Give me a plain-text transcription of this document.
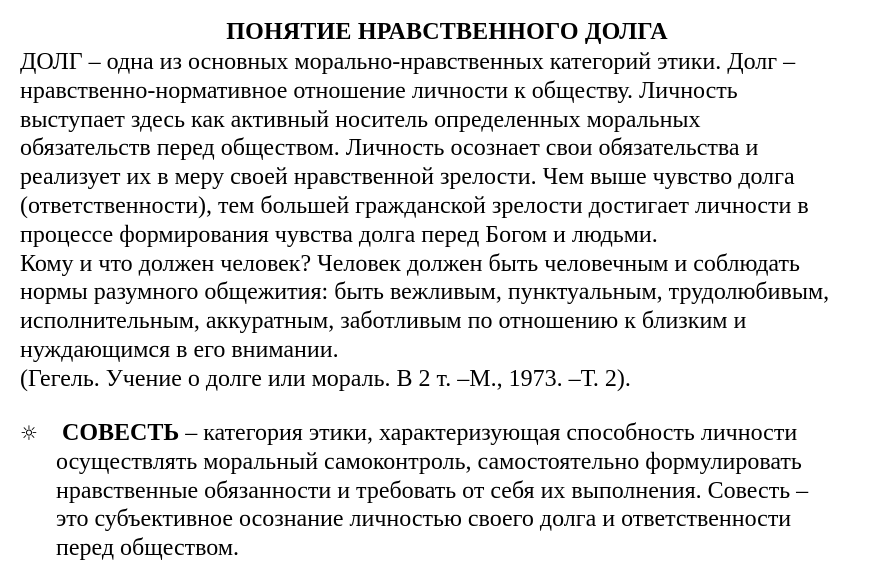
ПОНЯТИЕ НРАВСТВЕННОГО ДОЛГА
ДОЛГ – одна из основных морально-нравственных категорий этики. Долг –
нравственно-нормативное отношение личности к обществу. Личность
выступает здесь как активный носитель определенных моральных
обязательств перед обществом. Личность осознает свои обязательства и
реализует их в меру своей нравственной зрелости. Чем выше чувство долга
(ответственности), тем большей гражданской зрелости достигает личности в
процессе формирования чувства долга перед Богом и людьми.
Кому и что должен человек? Человек должен быть человечным и соблюдать
нормы разумного общежития: быть вежливым, пунктуальным, трудолюбивым,
исполнительным, аккуратным, заботливым по отношению к близким и
нуждающимся в его внимании.
(Гегель. Учение о долге или мораль. В 2 т. –М., 1973. –Т. 2).
☼ СОВЕСТЬ – категория этики, характеризующая способность личности
осуществлять моральный самоконтроль, самостоятельно формулировать
нравственные обязанности и требовать от себя их выполнения. Совесть –
это субъективное осознание личностью своего долга и ответственности
перед обществом.
